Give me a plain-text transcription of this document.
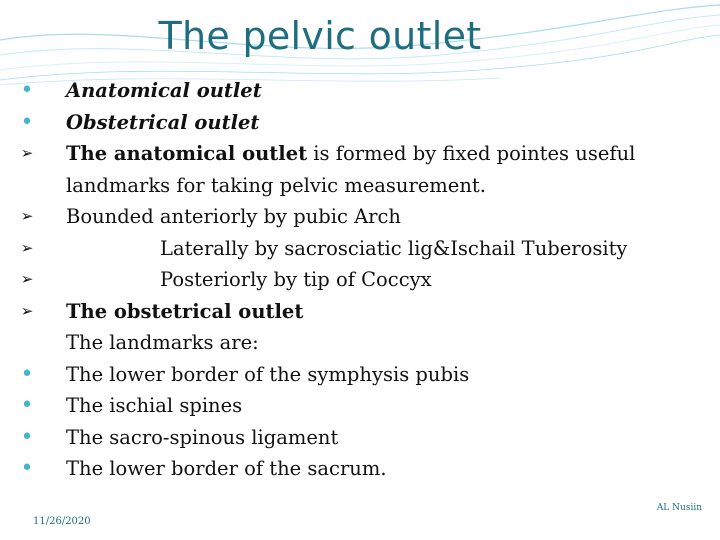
The pelvic outlet
• Anatomical outlet
• Obstetrical outlet
➢ The anatomical outlet is formed by fixed pointes useful
landmarks for taking pelvic measurement.
➢ Bounded anteriorly by pubic Arch
➢	Laterally by sacrosciatic lig&Ischail Tuberosity
➢	Posteriorly by tip of Coccyx
➢ The obstetrical outlet
The landmarks are:
• The lower border of the symphysis pubis
• The ischial spines
• The sacro-spinous ligament
• The lower border of the sacrum.
11/26/2020
AL Nusiin
